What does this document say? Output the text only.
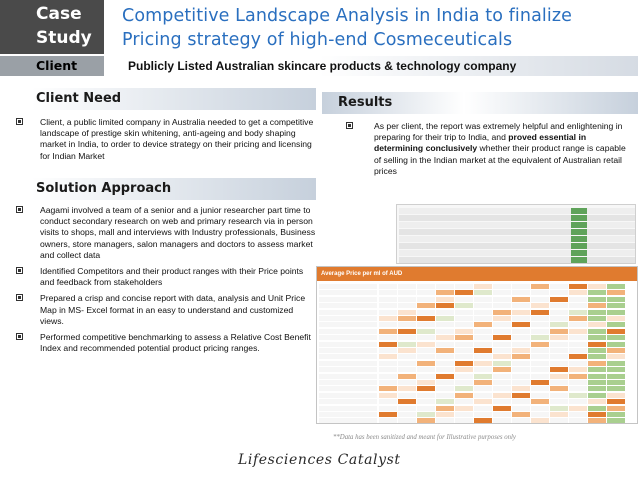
Case
Study
Competitive Landscape Analysis in India to finalize
Pricing strategy of high-end Cosmeceuticals
Client	Publicly Listed Australian skincare products & technology company
Client Need
Client, a public limited company in Australia needed to get a competitive landscape of prestige skin whitening, anti-ageing and body shaping market in India, to order to device strategy on their pricing and licensing for Indian Market
Solution Approach
Aagami involved a team of a senior and a junior researcher part time to conduct secondary research on web and primary research via in person visits to shops, mall and interviews with Industry professionals, Business owners, store managers, salon managers and doctors to assess market and collect data
Identified Competitors and their product ranges with their Price points and feedback from stakeholders
Prepared a crisp and concise report with data, analysis and Unit Price Map in MS- Excel format in an easy to understand and customized views.
Performed competitive benchmarking to assess a Relative Cost Benefit Index and recommended potential product pricing ranges.
Results
As per client, the report was extremely helpful and enlightening in preparing for their trip to India, and proved essential in determining conclusively whether their product range is capable of selling in the Indian market at the equivalent of Australian retail prices
Average Price per ml of AUD
**Data has been sanitized and meant for Illustrative purposes only
Lifesciences Catalyst
